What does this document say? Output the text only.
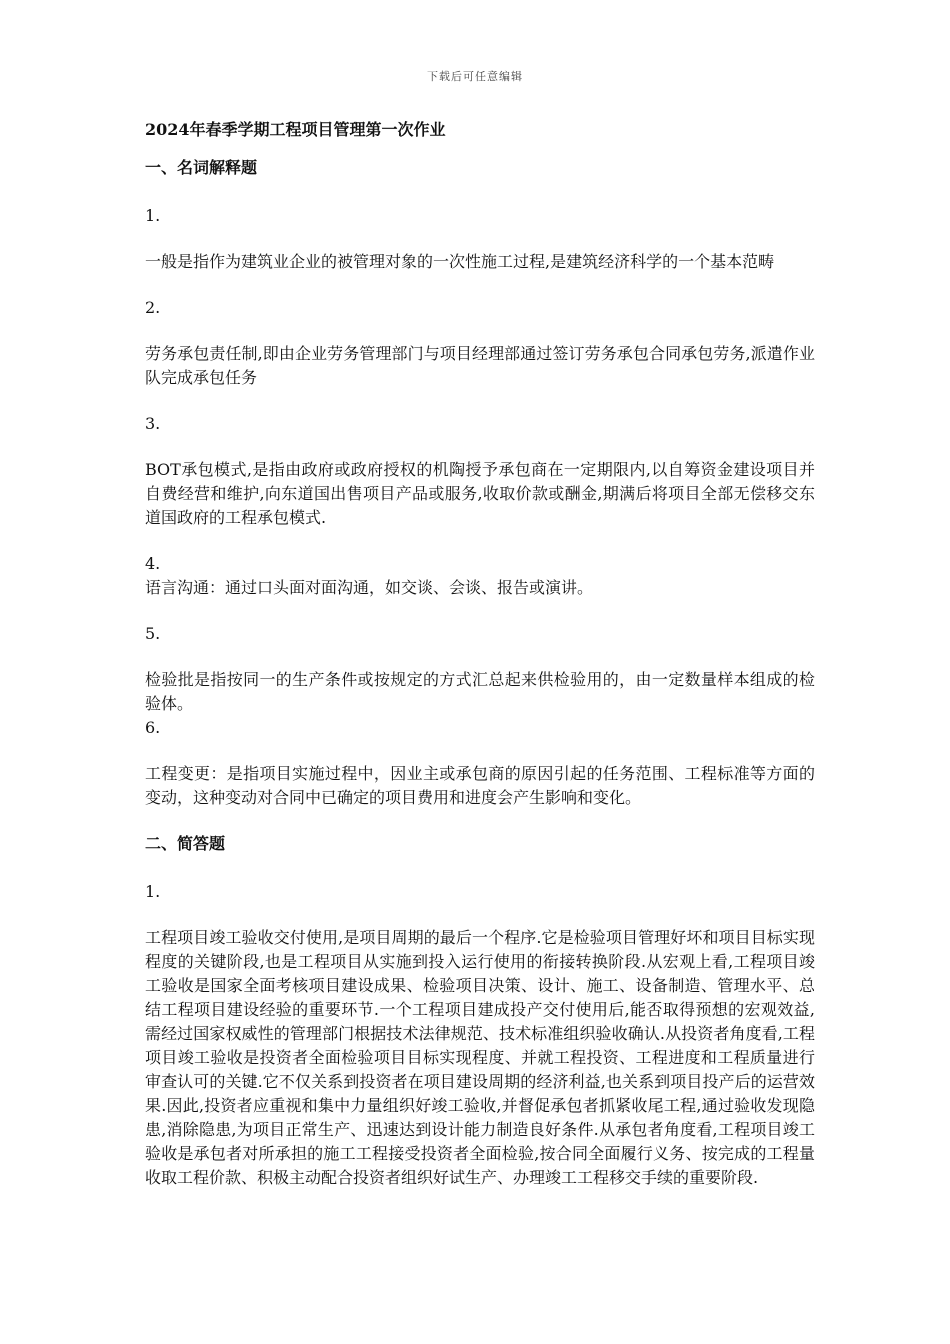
下载后可任意编辑

2024年春季学期工程项目管理第一次作业

一、名词解释题

1.

一般是指作为建筑业企业的被管理对象的一次性施工过程,是建筑经济科学的一个基本范畴

2.

劳务承包责任制,即由企业劳务管理部门与项目经理部通过签订劳务承包合同承包劳务,派遣作业队完成承包任务

3.

BOT承包模式,是指由政府或政府授权的机陶授予承包商在一定期限内,以自筹资金建设项目并自费经营和维护,向东道国出售项目产品或服务,收取价款或酬金,期满后将项目全部无偿移交东道国政府的工程承包模式.

4.

语言沟通：通过口头面对面沟通，如交谈、会谈、报告或演讲。

5.

检验批是指按同一的生产条件或按规定的方式汇总起来供检验用的，由一定数量样本组成的检验体。

6.

工程变更：是指项目实施过程中，因业主或承包商的原因引起的任务范围、工程标准等方面的变动，这种变动对合同中已确定的项目费用和进度会产生影响和变化。

二、简答题

1.

工程项目竣工验收交付使用,是项目周期的最后一个程序.它是检验项目管理好坏和项目目标实现程度的关键阶段,也是工程项目从实施到投入运行使用的衔接转换阶段.从宏观上看,工程项目竣工验收是国家全面考核项目建设成果、检验项目决策、设计、施工、设备制造、管理水平、总结工程项目建设经验的重要环节.一个工程项目建成投产交付使用后,能否取得预想的宏观效益,需经过国家权威性的管理部门根据技术法律规范、技术标准组织验收确认.从投资者角度看,工程项目竣工验收是投资者全面检验项目目标实现程度、并就工程投资、工程进度和工程质量进行审查认可的关键.它不仅关系到投资者在项目建设周期的经济利益,也关系到项目投产后的运营效果.因此,投资者应重视和集中力量组织好竣工验收,并督促承包者抓紧收尾工程,通过验收发现隐患,消除隐患,为项目正常生产、迅速达到设计能力制造良好条件.从承包者角度看,工程项目竣工验收是承包者对所承担的施工工程接受投资者全面检验,按合同全面履行义务、按完成的工程量收取工程价款、积极主动配合投资者组织好试生产、办理竣工工程移交手续的重要阶段.
